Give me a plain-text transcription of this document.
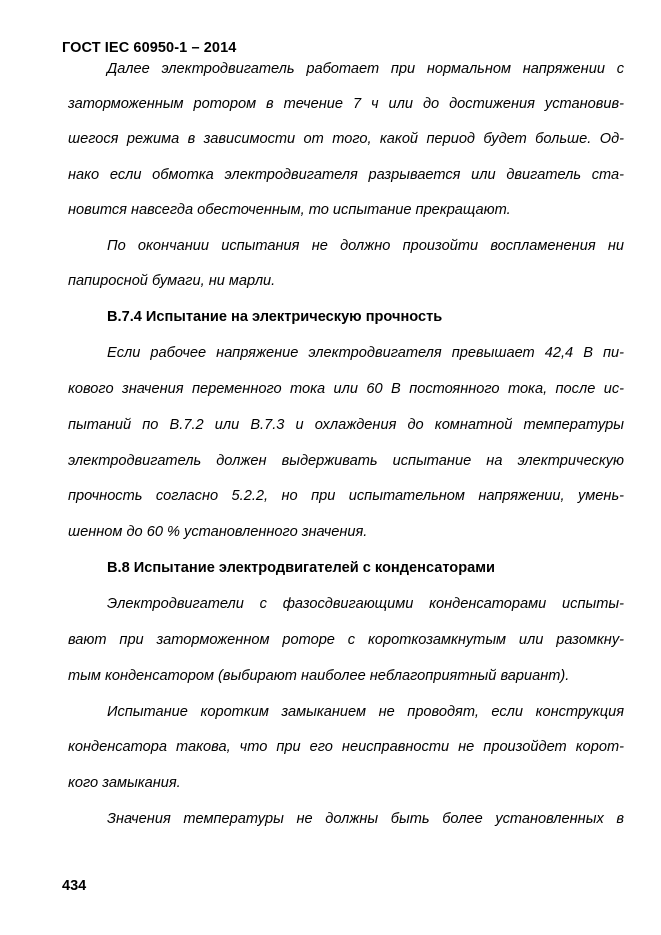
ГОСТ IEC 60950-1 – 2014
Далее электродвигатель работает при нормальном напряжении с
заторможенным ротором в течение 7 ч или до достижения установив-
шегося режима в зависимости от того, какой период будет больше. Од-
нако если обмотка электродвигателя разрывается или двигатель ста-
новится навсегда обесточенным, то испытание прекращают.
По окончании испытания не должно произойти воспламенения ни
папиросной бумаги, ни марли.
B.7.4 Испытание на электрическую прочность
Если рабочее напряжение электродвигателя превышает 42,4 В пи-
кового значения переменного тока или 60 В постоянного тока, после ис-
пытаний по B.7.2 или B.7.3 и охлаждения до комнатной температуры
электродвигатель должен выдерживать испытание на электрическую
прочность согласно 5.2.2, но при испытательном напряжении, умень-
шенном до 60 % установленного значения.
B.8 Испытание электродвигателей с конденсаторами
Электродвигатели с фазосдвигающими конденсаторами испыты-
вают при заторможенном роторе с короткозамкнутым или разомкну-
тым конденсатором (выбирают наиболее неблагоприятный вариант).
Испытание коротким замыканием не проводят, если конструкция
конденсатора такова, что при его неисправности не произойдет корот-
кого замыкания.
Значения температуры не должны быть более установленных в
434
